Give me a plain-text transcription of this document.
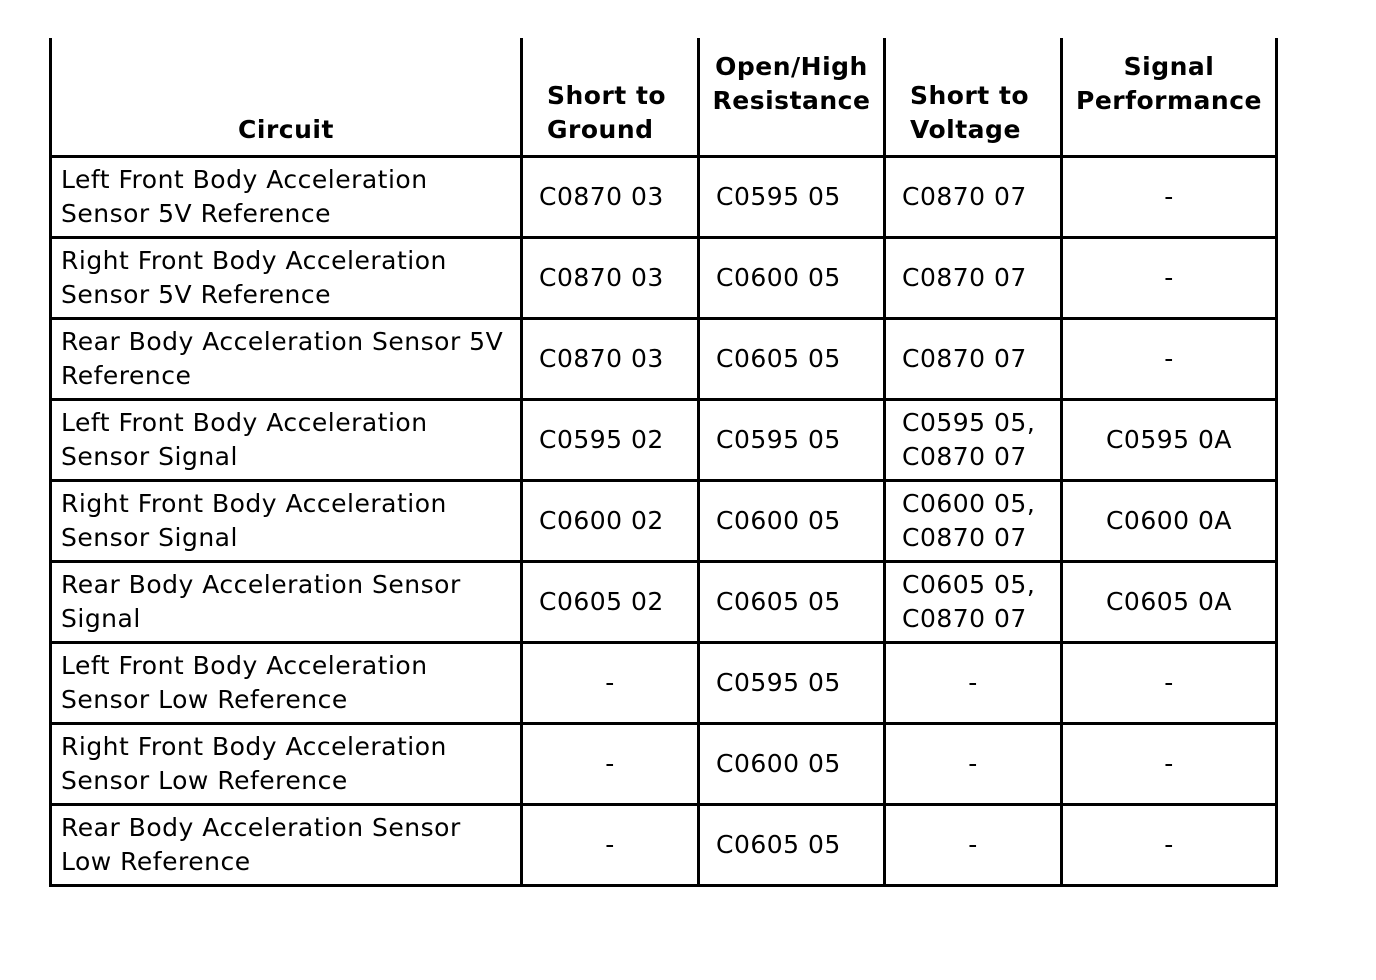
Circuit	Short to Ground	Open/High Resistance	Short to Voltage	Signal Performance
Left Front Body Acceleration Sensor 5V Reference	C0870 03	C0595 05	C0870 07	-
Right Front Body Acceleration Sensor 5V Reference	C0870 03	C0600 05	C0870 07	-
Rear Body Acceleration Sensor 5V Reference	C0870 03	C0605 05	C0870 07	-
Left Front Body Acceleration Sensor Signal	C0595 02	C0595 05	C0595 05, C0870 07	C0595 0A
Right Front Body Acceleration Sensor Signal	C0600 02	C0600 05	C0600 05, C0870 07	C0600 0A
Rear Body Acceleration Sensor Signal	C0605 02	C0605 05	C0605 05, C0870 07	C0605 0A
Left Front Body Acceleration Sensor Low Reference	-	C0595 05	-	-
Right Front Body Acceleration Sensor Low Reference	-	C0600 05	-	-
Rear Body Acceleration Sensor Low Reference	-	C0605 05	-	-
